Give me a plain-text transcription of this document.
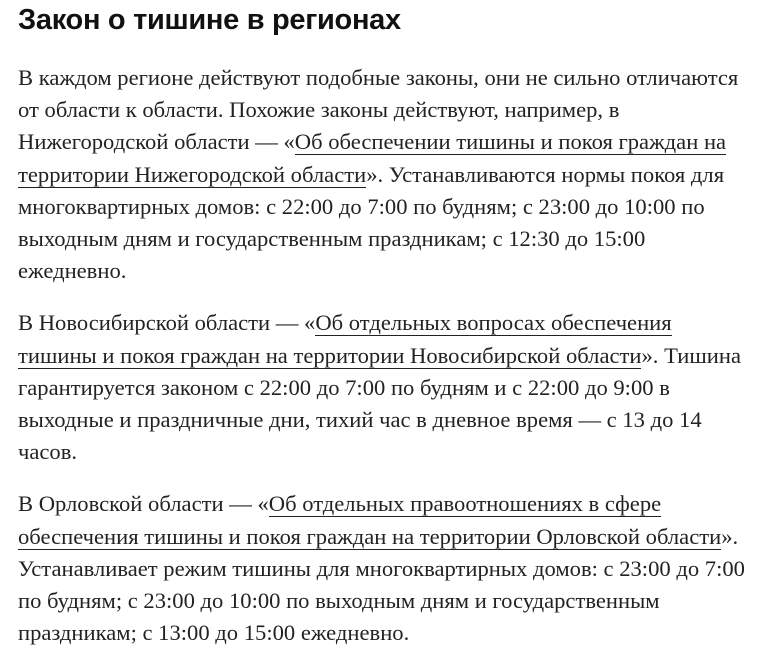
Закон о тишине в регионах

В каждом регионе действуют подобные законы, они не сильно отличаются от области к области. Похожие законы действуют, например, в Нижегородской области — «Об обеспечении тишины и покоя граждан на территории Нижегородской области». Устанавливаются нормы покоя для многоквартирных домов: с 22:00 до 7:00 по будням; с 23:00 до 10:00 по выходным дням и государственным праздникам; с 12:30 до 15:00 ежедневно.

В Новосибирской области — «Об отдельных вопросах обеспечения тишины и покоя граждан на территории Новосибирской области». Тишина гарантируется законом с 22:00 до 7:00 по будням и с 22:00 до 9:00 в выходные и праздничные дни, тихий час в дневное время — с 13 до 14 часов.

В Орловской области — «Об отдельных правоотношениях в сфере обеспечения тишины и покоя граждан на территории Орловской области». Устанавливает режим тишины для многоквартирных домов: с 23:00 до 7:00 по будням; с 23:00 до 10:00 по выходным дням и государственным праздникам; с 13:00 до 15:00 ежедневно.
